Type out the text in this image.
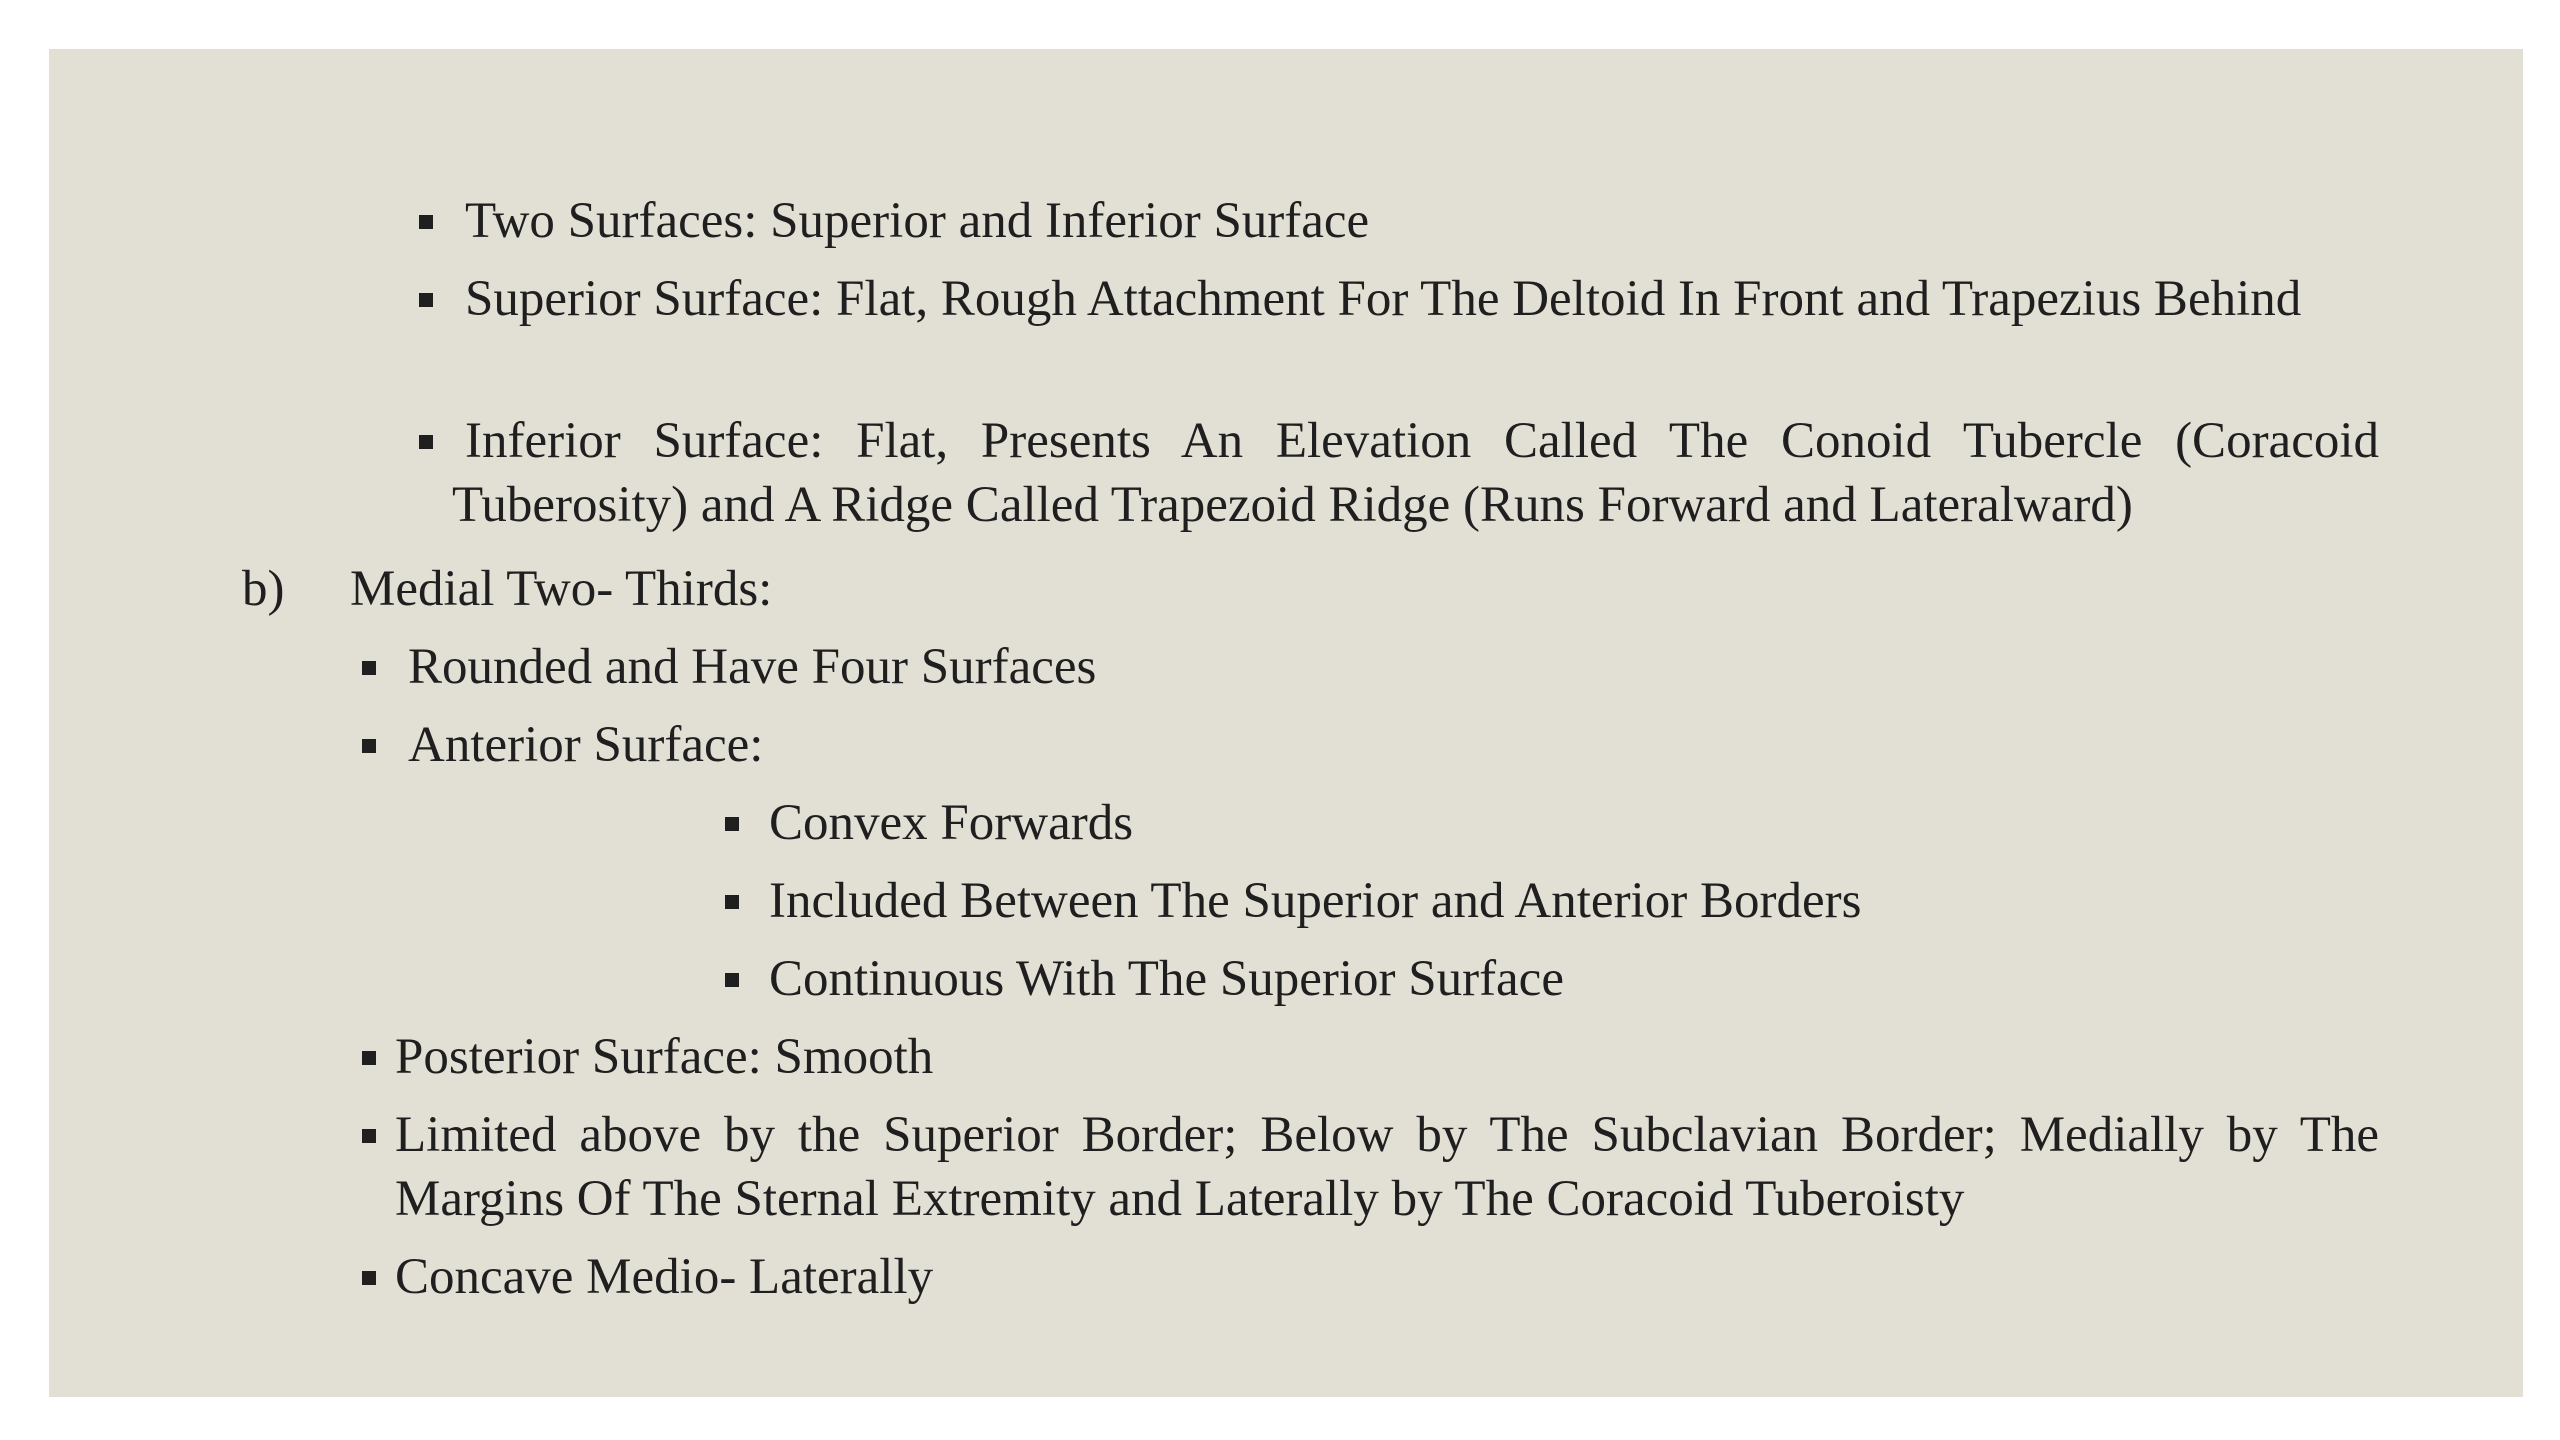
Two Surfaces: Superior and Inferior Surface
Superior Surface: Flat, Rough Attachment For The Deltoid In Front and Trapezius Behind
Inferior Surface: Flat, Presents An Elevation Called The Conoid Tubercle (Coracoid Tuberosity) and A Ridge Called Trapezoid Ridge (Runs Forward and Lateralward)
b) Medial Two- Thirds:
Rounded and Have Four Surfaces
Anterior Surface:
Convex Forwards
Included Between The Superior and Anterior Borders
Continuous With The Superior Surface
Posterior Surface: Smooth
Limited above by the Superior Border; Below by The Subclavian Border; Medially by The Margins Of The Sternal Extremity and Laterally by The Coracoid Tuberoisty
Concave Medio- Laterally
